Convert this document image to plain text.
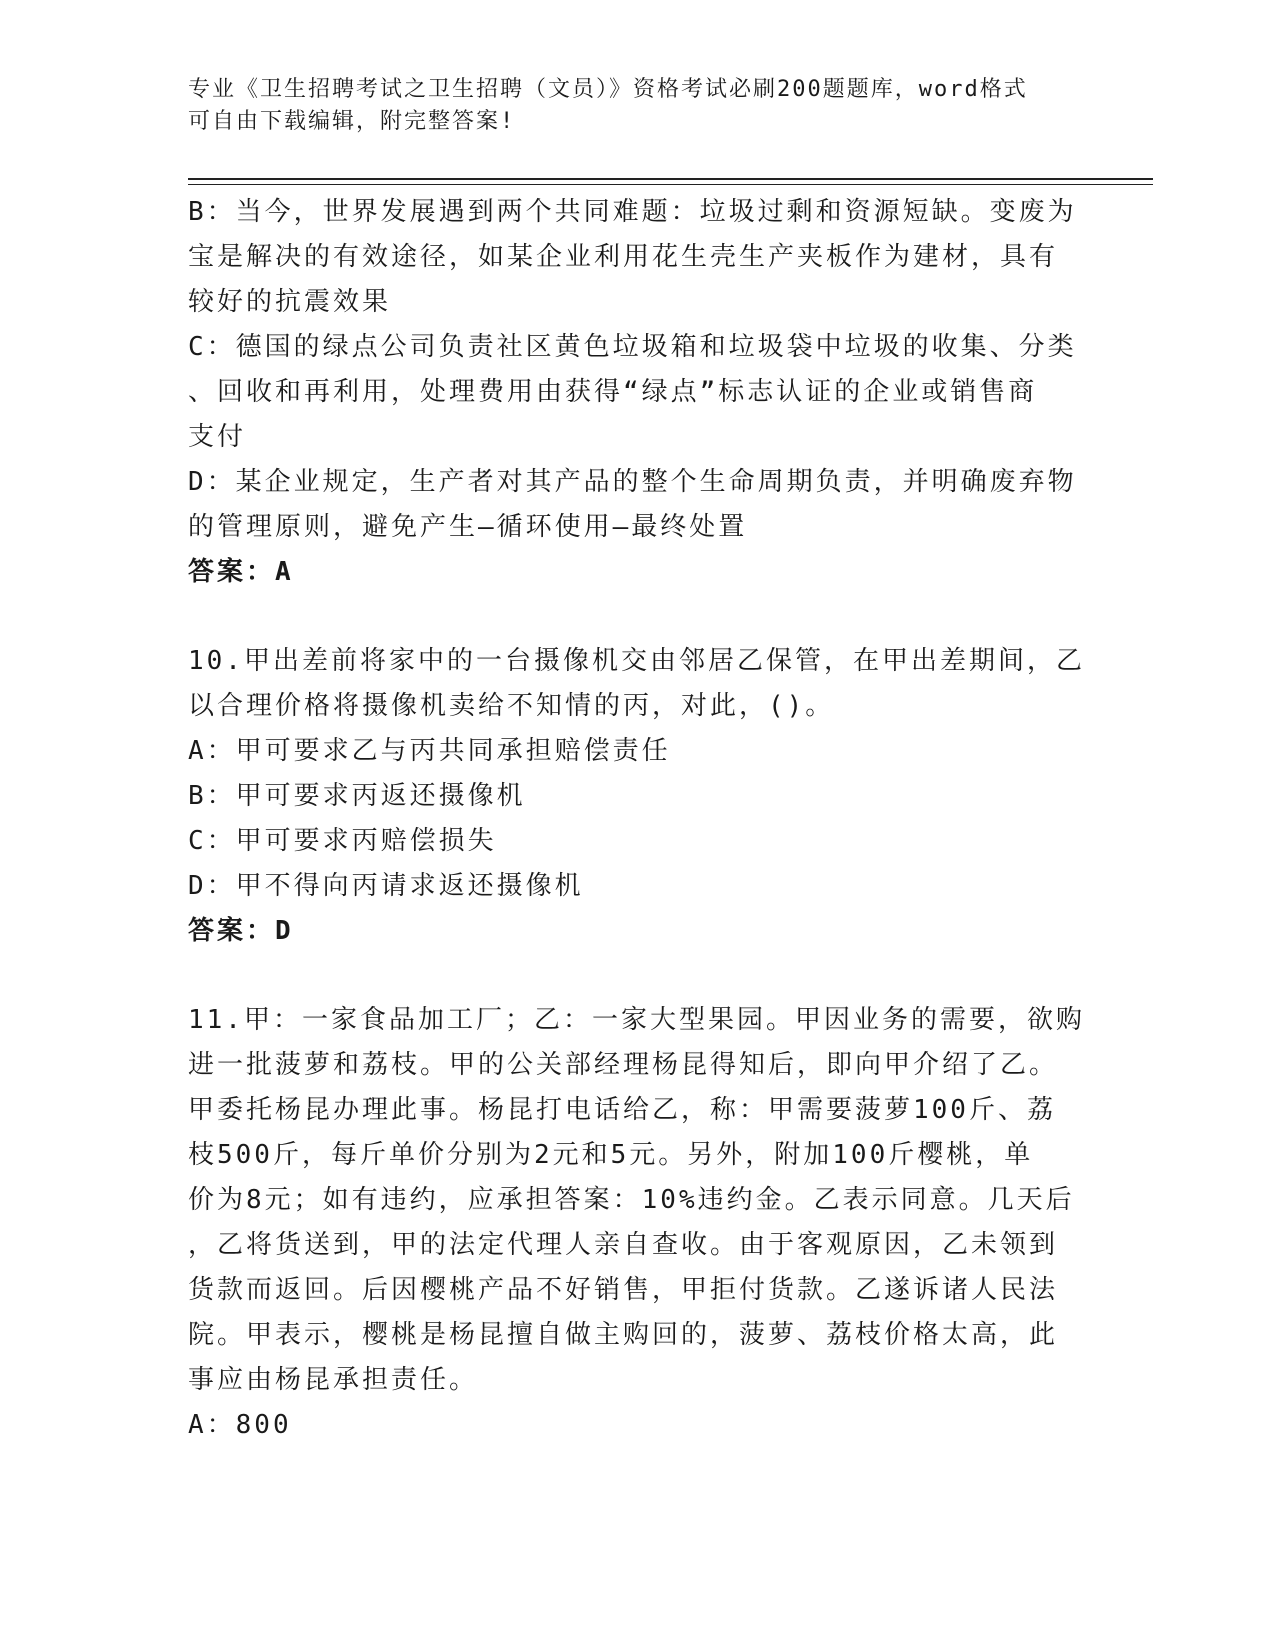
专业《卫生招聘考试之卫生招聘（文员）》资格考试必刷200题题库，word格式
可自由下载编辑，附完整答案!
B：当今，世界发展遇到两个共同难题：垃圾过剩和资源短缺。变废为
宝是解决的有效途径，如某企业利用花生壳生产夹板作为建材，具有
较好的抗震效果
C：德国的绿点公司负责社区黄色垃圾箱和垃圾袋中垃圾的收集、分类
、回收和再利用，处理费用由获得“绿点”标志认证的企业或销售商
支付
D：某企业规定，生产者对其产品的整个生命周期负责，并明确废弃物
的管理原则，避免产生—循环使用—最终处置
答案：A
10.甲出差前将家中的一台摄像机交由邻居乙保管，在甲出差期间，乙
以合理价格将摄像机卖给不知情的丙，对此，()。
A：甲可要求乙与丙共同承担赔偿责任
B：甲可要求丙返还摄像机
C：甲可要求丙赔偿损失
D：甲不得向丙请求返还摄像机
答案：D
11.甲：一家食品加工厂；乙：一家大型果园。甲因业务的需要，欲购
进一批菠萝和荔枝。甲的公关部经理杨昆得知后，即向甲介绍了乙。
甲委托杨昆办理此事。杨昆打电话给乙，称：甲需要菠萝100斤、荔
枝500斤，每斤单价分别为2元和5元。另外，附加100斤樱桃，单
价为8元；如有违约，应承担答案：10%违约金。乙表示同意。几天后
，乙将货送到，甲的法定代理人亲自查收。由于客观原因，乙未领到
货款而返回。后因樱桃产品不好销售，甲拒付货款。乙遂诉诸人民法
院。甲表示，樱桃是杨昆擅自做主购回的，菠萝、荔枝价格太高，此
事应由杨昆承担责任。
A：800
